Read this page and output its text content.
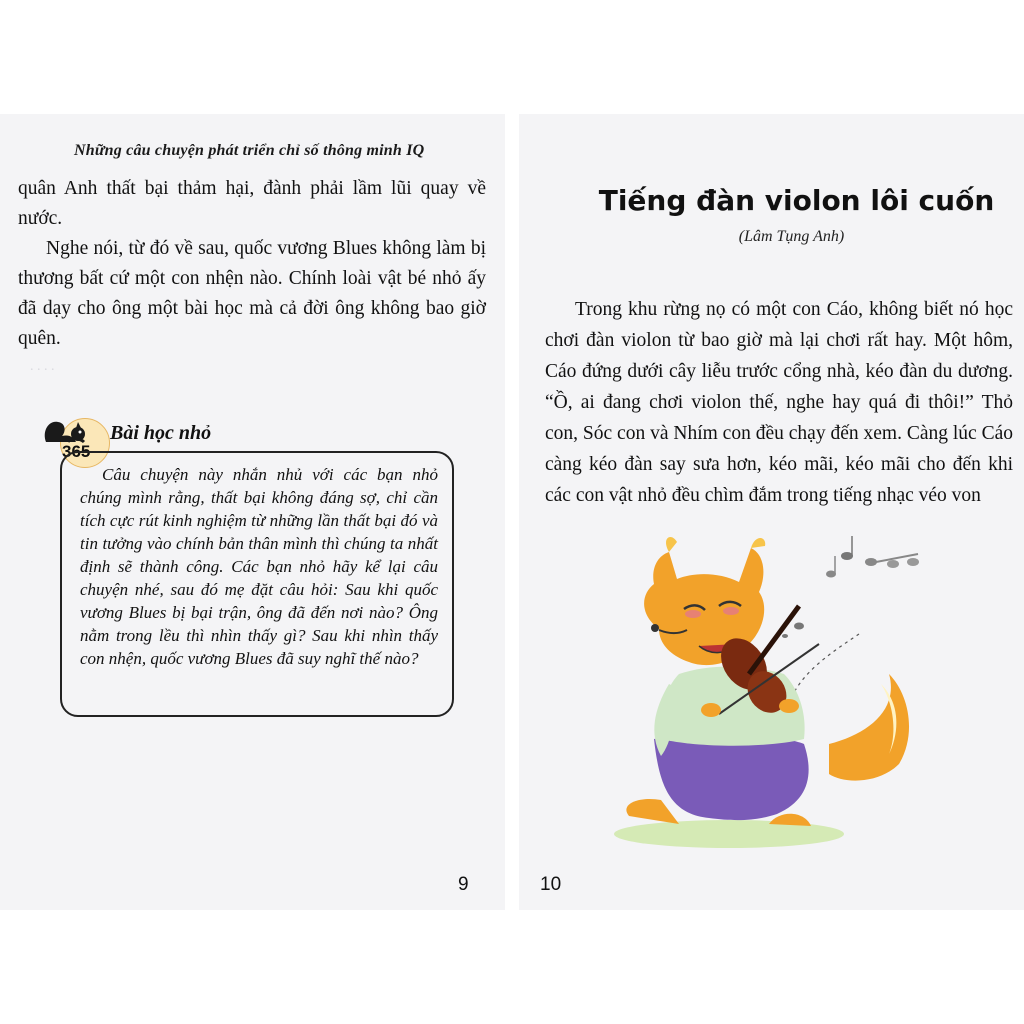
. . . .
Những câu chuyện phát triển chỉ số thông minh IQ

quân Anh thất bại thảm hại, đành phải lầm lũi quay về nước.

Nghe nói, từ đó về sau, quốc vương Blues không làm bị thương bất cứ một con nhện nào. Chính loài vật bé nhỏ ấy đã dạy cho ông một bài học mà cả đời ông không bao giờ quên.

365
Bài học nhỏ
Câu chuyện này nhắn nhủ với các bạn nhỏ chúng mình rằng, thất bại không đáng sợ, chỉ cần tích cực rút kinh nghiệm từ những lần thất bại đó và tin tưởng vào chính bản thân mình thì chúng ta nhất định sẽ thành công. Các bạn nhỏ hãy kể lại câu chuyện nhé, sau đó mẹ đặt câu hỏi: Sau khi quốc vương Blues bị bại trận, ông đã đến nơi nào? Ông nằm trong lều thì nhìn thấy gì? Sau khi nhìn thấy con nhện, quốc vương Blues đã suy nghĩ thế nào?
9
Tiếng đàn violon lôi cuốn
(Lâm Tụng Anh)

Trong khu rừng nọ có một con Cáo, không biết nó học chơi đàn violon từ bao giờ mà lại chơi rất hay. Một hôm, Cáo đứng dưới cây liễu trước cổng nhà, kéo đàn du dương. “Ồ, ai đang chơi violon thế, nghe hay quá đi thôi!” Thỏ con, Sóc con và Nhím con đều chạy đến xem. Càng lúc Cáo càng kéo đàn say sưa hơn, kéo mãi, kéo mãi cho đến khi các con vật nhỏ đều chìm đắm trong tiếng nhạc véo von

10
